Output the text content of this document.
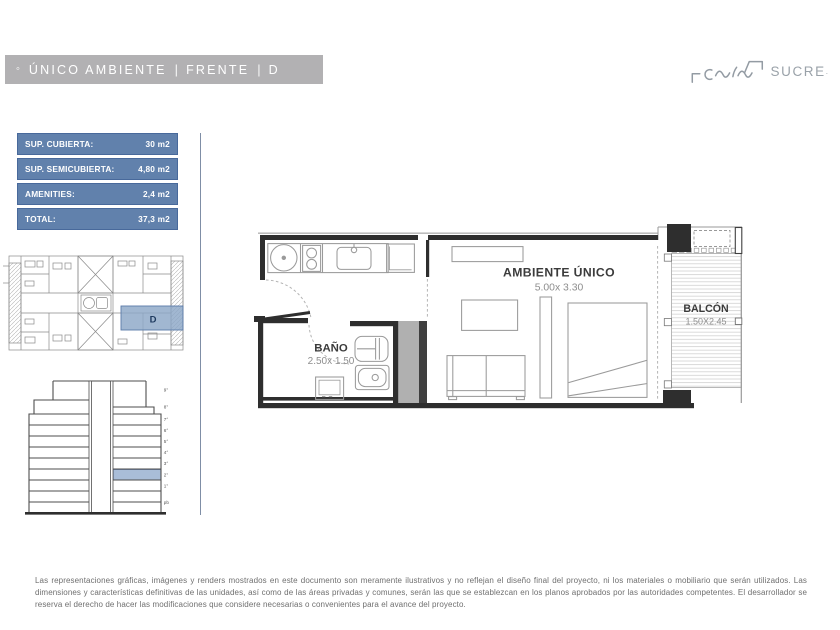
◦ ÚNICO AMBIENTE | FRENTE | D	SUCRE .
SUP. CUBIERTA:	30 m2
SUP. SEMICUBIERTA:	4,80 m2
AMENITIES:	2,4 m2
TOTAL:	37,3 m2
D
9°
8°
7°
6°
5°
4°
3°
2°
1°
pb
AMBIENTE ÚNICO
5.00x 3.30
BAÑO
2.50x 1.50
BALCÓN
1.50X2.45
Las representaciones gráficas, imágenes y renders mostrados en este documento son meramente ilustrativos y no reflejan el diseño final del proyecto, ni los materiales o mobiliario que serán utilizados. Las dimensiones y características definitivas de las unidades, así como de las áreas privadas y comunes, serán las que se establezcan en los planos aprobados por las autoridades competentes. El desarrollador se reserva el derecho de hacer las modificaciones que considere necesarias o convenientes para el avance del proyecto.
